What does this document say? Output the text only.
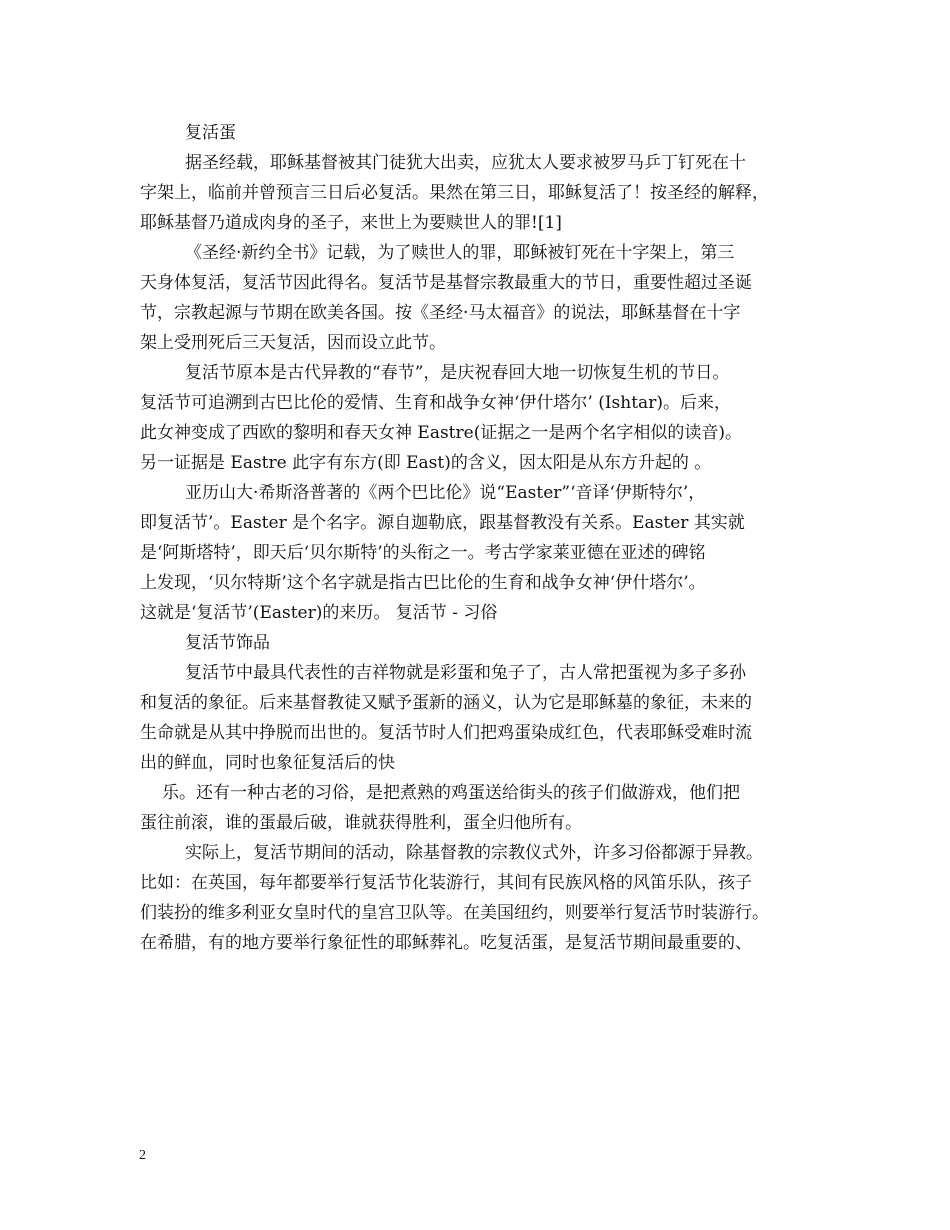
复活蛋
据圣经载，耶稣基督被其门徒犹大出卖，应犹太人要求被罗马乒丁钉死在十
字架上，临前并曾预言三日后必复活。果然在第三日，耶稣复活了！按圣经的解释，
耶稣基督乃道成肉身的圣子，来世上为要赎世人的罪![1]
《圣经·新约全书》记载，为了赎世人的罪，耶稣被钉死在十字架上，第三
天身体复活，复活节因此得名。复活节是基督宗教最重大的节日，重要性超过圣诞
节，宗教起源与节期在欧美各国。按《圣经·马太福音》的说法，耶稣基督在十字
架上受刑死后三天复活，因而设立此节。
复活节原本是古代异教的“春节”，是庆祝春回大地一切恢复生机的节日。
复活节可追溯到古巴比伦的爱情、生育和战争女神‘伊什塔尔’ (Ishtar)。后来，
此女神变成了西欧的黎明和春天女神 Eastre(证据之一是两个名字相似的读音)。
另一证据是 Eastre 此字有东方(即 East)的含义，因太阳是从东方升起的 。
亚历山大·希斯洛普著的《两个巴比伦》说“Easter”‘音译‘伊斯特尔’，
即复活节’。Easter 是个名字。源自迦勒底，跟基督教没有关系。Easter 其实就
是‘阿斯塔特’，即天后‘贝尔斯特’的头衔之一。考古学家莱亚德在亚述的碑铭
上发现，‘贝尔特斯’这个名字就是指古巴比伦的生育和战争女神‘伊什塔尔’。
这就是‘复活节’(Easter)的来历。 复活节 - 习俗
复活节饰品
复活节中最具代表性的吉祥物就是彩蛋和兔子了，古人常把蛋视为多子多孙
和复活的象征。后来基督教徒又赋予蛋新的涵义，认为它是耶稣墓的象征，未来的
生命就是从其中挣脱而出世的。复活节时人们把鸡蛋染成红色，代表耶稣受难时流
出的鲜血，同时也象征复活后的快
乐。还有一种古老的习俗，是把煮熟的鸡蛋送给街头的孩子们做游戏，他们把
蛋往前滚，谁的蛋最后破，谁就获得胜利，蛋全归他所有。
实际上，复活节期间的活动，除基督教的宗教仪式外，许多习俗都源于异教。
比如：在英国，每年都要举行复活节化装游行，其间有民族风格的风笛乐队，孩子
们装扮的维多利亚女皇时代的皇宫卫队等。在美国纽约，则要举行复活节时装游行。
在希腊，有的地方要举行象征性的耶稣葬礼。吃复活蛋，是复活节期间最重要的、
2
